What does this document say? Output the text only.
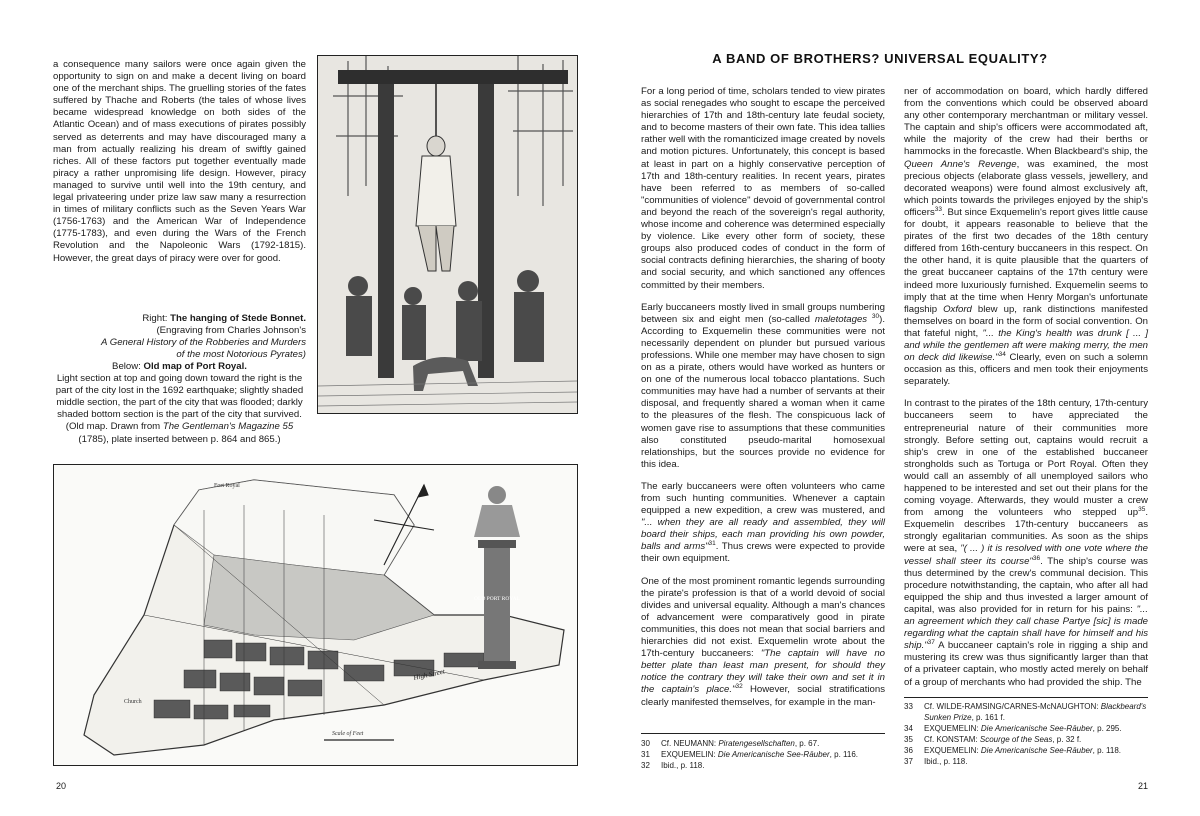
a consequence many sailors were once again given the opportunity to sign on and make a decent living on board one of the merchant ships. The gruelling stories of the fates suffered by Thache and Roberts (the tales of whose lives became widespread knowledge on both sides of the Atlantic Ocean) and of mass executions of pirates possibly served as deterrents and may have discouraged many a man from actually realizing his dream of swiftly gained riches. All of these factors put together eventually made piracy a rather unpromising life design. However, piracy managed to survive until well into the 19th century, and legal privateering under prize law saw many a resurrection in times of military conflicts such as the Seven Years War (1756-1763) and the American War of Independence (1775-1783), and even during the Wars of the French Revolution and the Napoleonic Wars (1792-1815). However, the great days of piracy were over for good.

Right: The hanging of Stede Bonnet.
(Engraving from Charles Johnson's
A General History of the Robberies and Murders
of the most Notorious Pyrates)
Below: Old map of Port Royal.
Light section at top and going down toward the right is the part of the city lost in the 1692 earthquake; slightly shaded middle section, the part of the city that was flooded; darkly shaded bottom section is the part of the city that survived. (Old map. Drawn from The Gentleman's Magazine 55 (1785), plate inserted between p. 864 and 865.)
OLD PORT ROYAL
Fort Royal
High Street
Church
Scale of Feet
20
A BAND OF BROTHERS? UNIVERSAL EQUALITY?

For a long period of time, scholars tended to view pirates as social renegades who sought to escape the perceived hierarchies of 17th and 18th-century late feudal society, and to become masters of their own fate. This idea tallies rather well with the romanticized image created by novels and motion pictures. Unfortunately, this concept is based at least in part on a highly conservative perception of 17th and 18th-century realities. In recent years, pirates have been referred to as members of so-called "communities of violence" devoid of governmental control and beyond the reach of the sovereign's regal authority, whose income and coherence was determined especially by violence. Like every other form of society, these groups also produced codes of conduct in the form of social contracts defining hierarchies, the sharing of booty and social security, and which sanctioned any offences committed by their members.

Early buccaneers mostly lived in small groups numbering between six and eight men (so-called maletotages $^{30}$). According to Exquemelin these communities were not necessarily dependent on plunder but pursued various professions. While one member may have chosen to sign on as a pirate, others would have worked as hunters or on one of the numerous local tobacco plantations. Such communities may have had a number of servants at their disposal, and frequently shared a woman when it came to the pleasures of the flesh. The conspicuous lack of women gave rise to assumptions that these communities also constituted pseudo-marital homosexual relationships, but the sources provide no evidence for this idea.

The early buccaneers were often volunteers who came from such hunting communities. Whenever a captain equipped a new expedition, a crew was mustered, and "... when they are all ready and assembled, they will board their ships, each man providing his own powder, balls and arms"$^{31}$. Thus crews were expected to provide their own equipment.

One of the most prominent romantic legends surrounding the pirate's profession is that of a world devoid of social divides and universal equality. Although a man's chances of advancement were comparatively good in pirate communities, this does not mean that social barriers and hierarchies did not exist. Exquemelin wrote about the 17th-century buccaneers: "The captain will have no better plate than least man present, for should they notice the contrary they will take their own and set it in the captain's place."$^{32}$ However, social stratifications clearly manifested themselves, for example in the man-

ner of accommodation on board, which hardly differed from the conventions which could be observed aboard any other contemporary merchantman or military vessel. The captain and ship's officers were accommodated aft, while the majority of the crew had their berths or hammocks in the forecastle. When Blackbeard's ship, the Queen Anne's Revenge, was examined, the most precious objects (elaborate glass vessels, jewellery, and decorated weapons) were found almost exclusively aft, which points towards the privileges enjoyed by the ship's officers$^{33}$. But since Exquemelin's report gives little cause for doubt, it appears reasonable to believe that the pirates of the first two decades of the 18th century differed from 16th-century buccaneers in this respect. On the other hand, it is quite plausible that the quarters of the great buccaneer captains of the 17th century were indeed more luxuriously furnished. Exquemelin seems to imply that at the time when Henry Morgan's unfortunate flagship Oxford blew up, rank distinctions manifested themselves on board in the form of social convention. On that fateful night, "... the King's health was drunk [ ... ] and while the gentlemen aft were making merry, the men on deck did likewise."$^{34}$ Clearly, even on such a solemn occasion as this, officers and men took their enjoyments separately.

In contrast to the pirates of the 18th century, 17th-century buccaneers seem to have appreciated the entrepreneurial nature of their communities more strongly. Before setting out, captains would recruit a ship's crew in one of the established buccaneer strongholds such as Tortuga or Port Royal. Often they would call an assembly of all unemployed sailors who happened to be interested and set out their plans for the coming voyage. Afterwards, they would muster a crew from among the volunteers who stepped $up^{35}$. Exquemelin describes 17th-century buccaneers as strongly egalitarian communities. As soon as the ships were at sea, "( ... ) it is resolved with one vote where the vessel shall steer its course"$^{36}$. The ship's course was thus determined by the crew's communal decision. This procedure notwithstanding, the captain, who after all had equipped the ship and thus invested a larger amount of capital, was also provided for in return for his pains: "... an agreement which they call chase Partye [sic] is made regarding what the captain shall have for himself and his ship."$^{37}$ A buccaneer captain's role in rigging a ship and mustering its crew was thus significantly larger than that of a privateer captain, who mostly acted merely on behalf of a group of merchants who had provided the ship. The

30	Cf. NEUMANN: Piratengesellschaften, p. 67.
31	EXQUEMELIN: Die Americanische See-Räuber, p. 116.
32	Ibid., p. 118.
33	Cf. WILDE-RAMSING/CARNES-McNAUGHTON: Blackbeard's Sunken Prize, p. 161 f.
34	EXQUEMELIN: Die Americanische See-Räuber, p. 295.
35	Cf. KONSTAM: Scourge of the Seas, p. 32 f.
36	EXQUEMELIN: Die Americanische See-Räuber, p. 118.
37	Ibid., p. 118.
21
